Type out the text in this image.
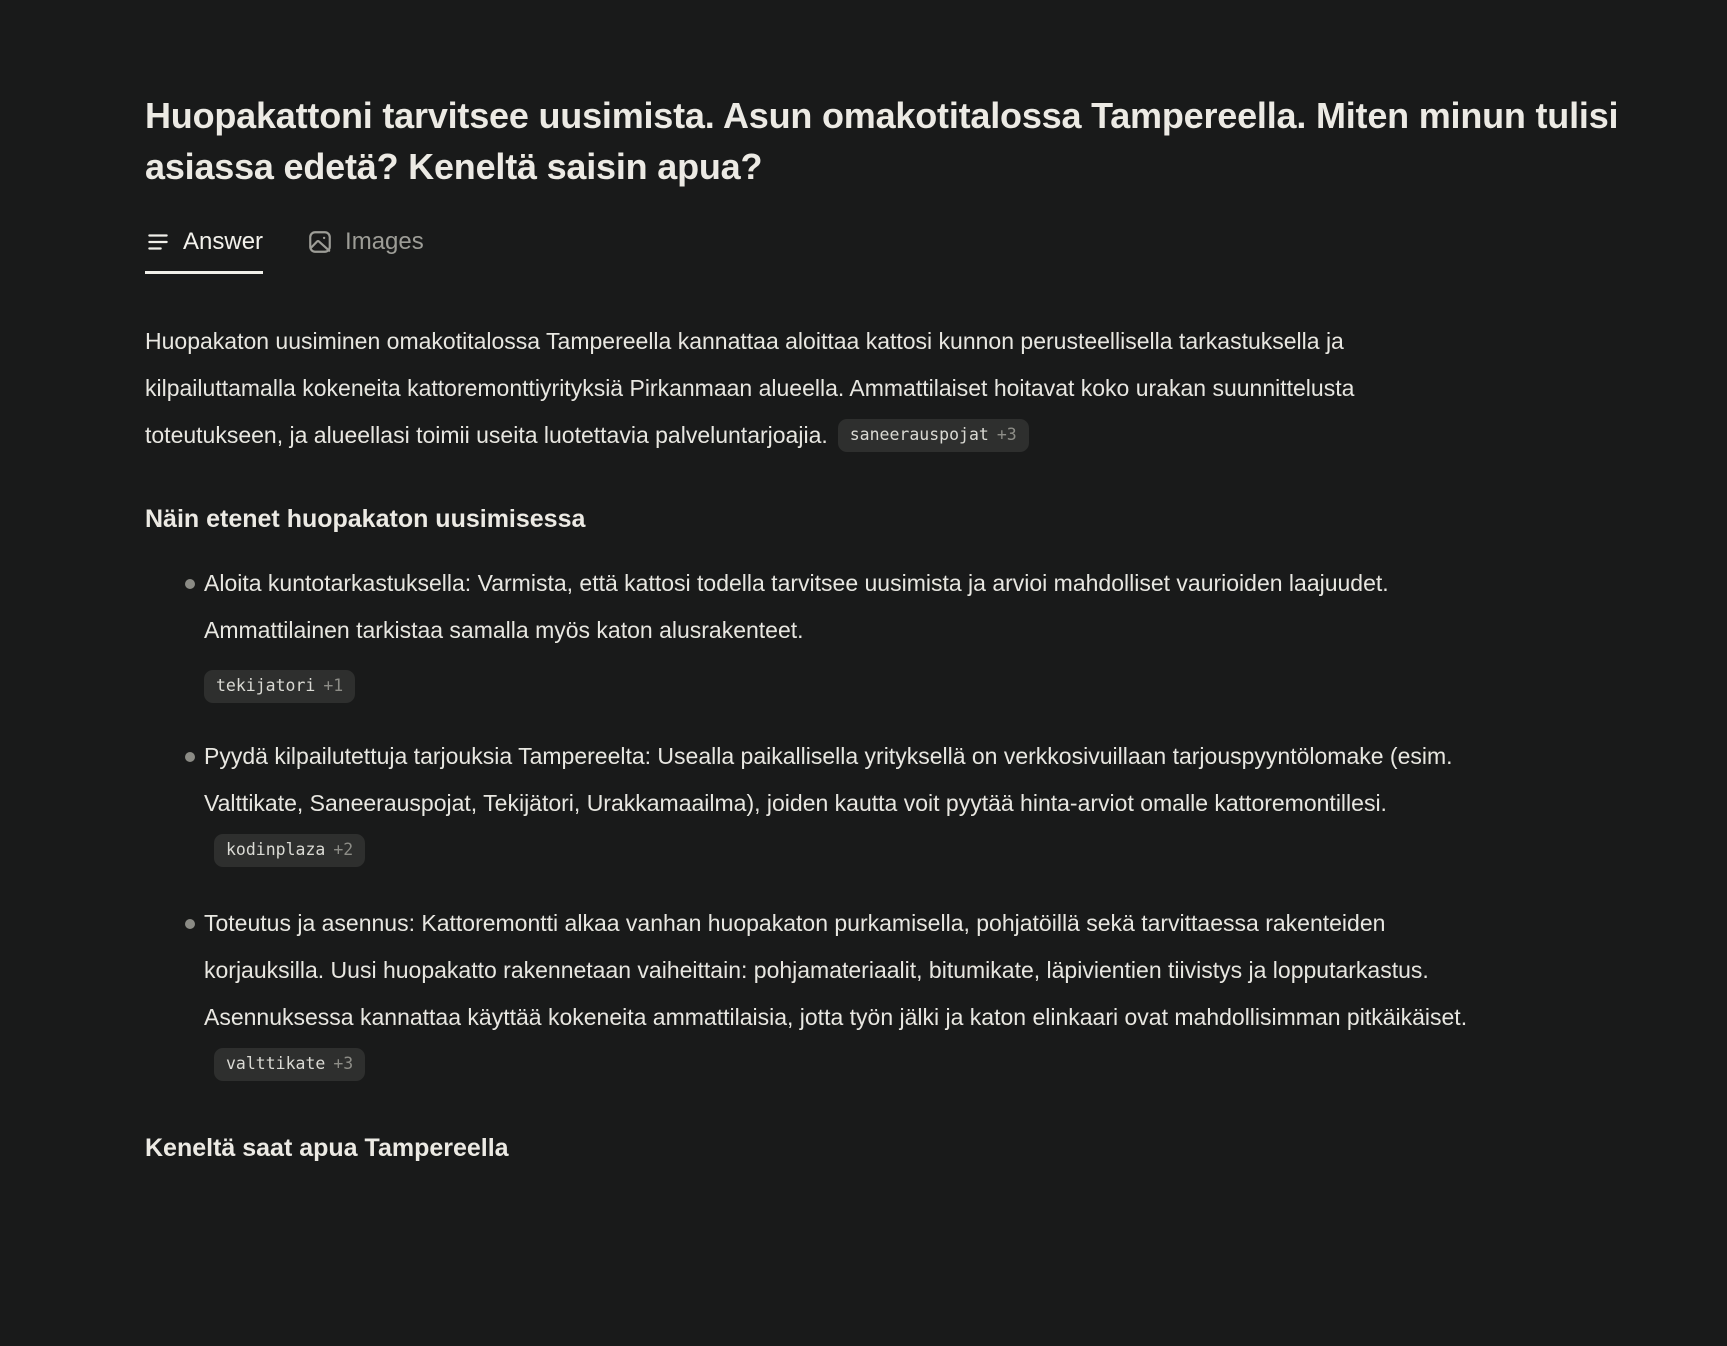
Huopakattoni tarvitsee uusimista. Asun omakotitalossa Tampereella. Miten minun tulisi asiassa edetä? Keneltä saisin apua?
Answer	Images

Huopakaton uusiminen omakotitalossa Tampereella kannattaa aloittaa kattosi kunnon perusteellisella tarkastuksella ja kilpailuttamalla kokeneita kattoremonttiyrityksiä Pirkanmaan alueella. Ammattilaiset hoitavat koko urakan suunnittelusta toteutukseen, ja alueellasi toimii useita luotettavia palveluntarjoajia. saneerauspojat +3

Näin etenet huopakaton uusimisessa
Aloita kuntotarkastuksella: Varmista, että kattosi todella tarvitsee uusimista ja arvioi mahdolliset vaurioiden laajuudet. Ammattilainen tarkistaa samalla myös katon alusrakenteet.

tekijatori +1
Pyydä kilpailutettuja tarjouksia Tampereelta: Usealla paikallisella yrityksellä on verkkosivuillaan tarjouspyyntölomake (esim. Valttikate, Saneerauspojat, Tekijätori, Urakkamaailma), joiden kautta voit pyytää hinta-arviot omalle kattoremontillesi.
kodinplaza +2
Toteutus ja asennus: Kattoremontti alkaa vanhan huopakaton purkamisella, pohjatöillä sekä tarvittaessa rakenteiden korjauksilla. Uusi huopakatto rakennetaan vaiheittain: pohjamateriaalit, bitumikate, läpivientien tiivistys ja lopputarkastus. Asennuksessa kannattaa käyttää kokeneita ammattilaisia, jotta työn jälki ja katon elinkaari ovat mahdollisimman pitkäikäiset.
valttikate +3
Keneltä saat apua Tampereella
